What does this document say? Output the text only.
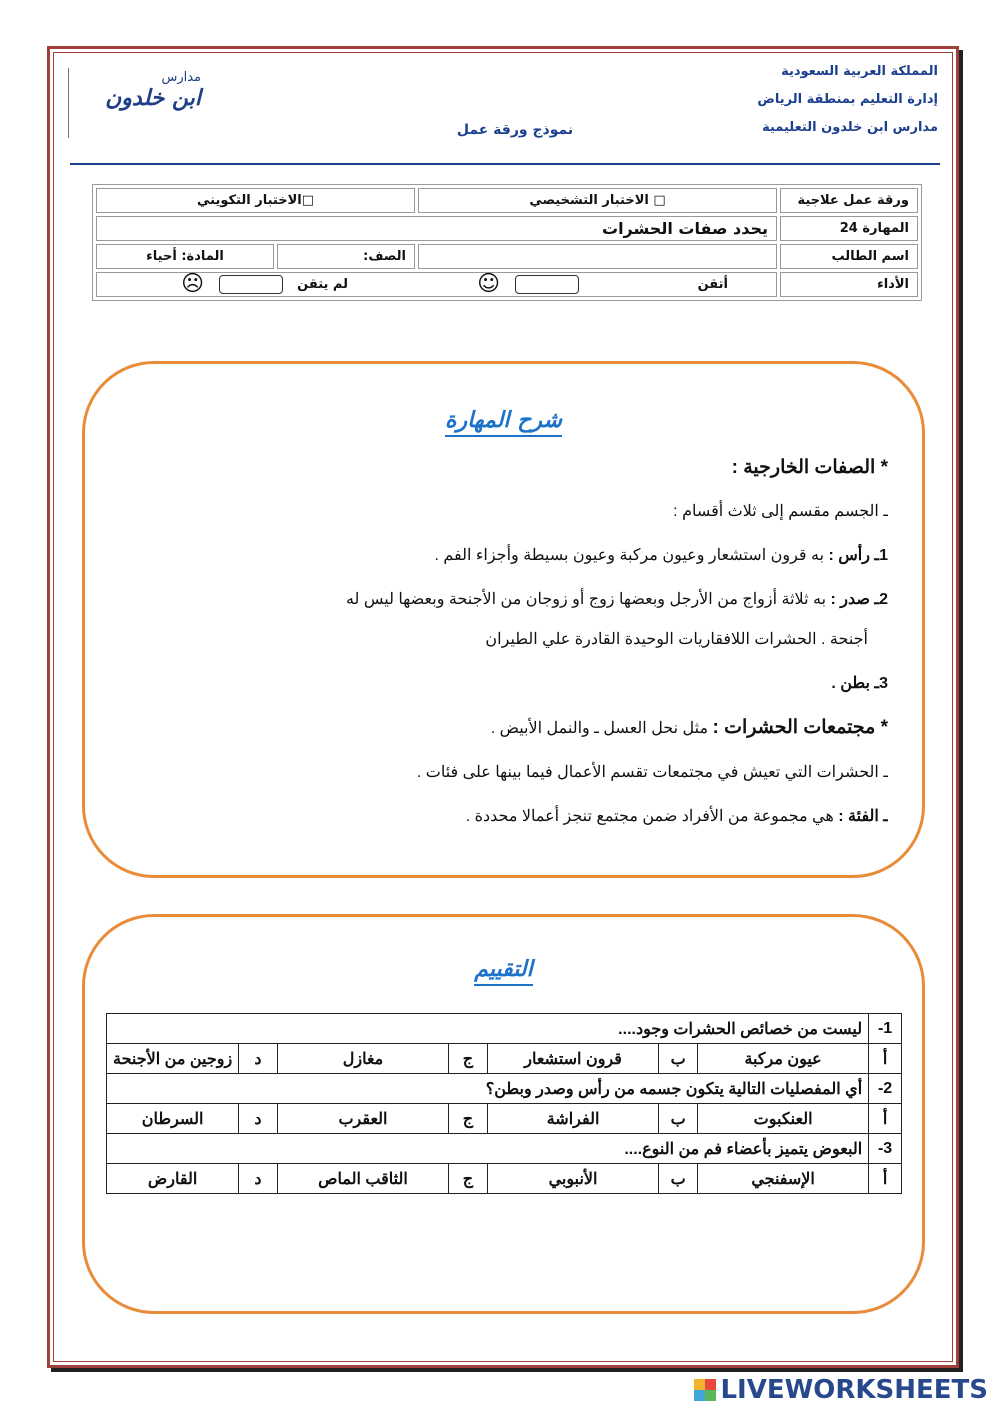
المملكة العربية السعودية
إدارة التعليم بمنطقة الرياض
مدارس ابن خلدون التعليمية
نموذج ورقة عمل
مدارس
ابن خلدون
ورقة عمل علاجية	□ الاختبار التشخيصي	□الاختبار التكويني	
المهارة 24	يحدد صفات الحشرات		
اسم الطالب		الصف:	المادة: أحياء
الأداء	أتقن   ☺  لم يتقن  ☹		
شرح المهارة

* الصفات الخارجية :

ـ الجسم مقسم إلى ثلاث أقسام :

1ـ رأس : به قرون استشعار وعيون مركبة وعيون بسيطة وأجزاء الفم .

2ـ صدر : به ثلاثة أزواج من الأرجل وبعضها زوج أو زوجان من الأجنحة وبعضها ليس له

أجنحة . الحشرات اللافقاريات الوحيدة القادرة علي الطيران

3ـ بطن .

* مجتمعات الحشرات : مثل نحل العسل ـ والنمل الأبيض .

ـ الحشرات التي تعيش في مجتمعات تقسم الأعمال فيما بينها على فئات .

ـ الفئة : هي مجموعة من الأفراد ضمن مجتمع تنجز أعمالا محددة .

التقييم
1-	ليست من خصائص الحشرات وجود....						
أ	عيون مركبة	ب	قرون استشعار	ج	مغازل	د	زوجين من الأجنحة
2-	أي المفصليات التالية يتكون جسمه من رأس وصدر وبطن؟						
أ	العنكبوت	ب	الفراشة	ج	العقرب	د	السرطان
3-	البعوض يتميز بأعضاء فم من النوع....						
أ	الإسفنجي	ب	الأنبوبي	ج	الثاقب الماص	د	القارض
LIVEWORKSHEETS
